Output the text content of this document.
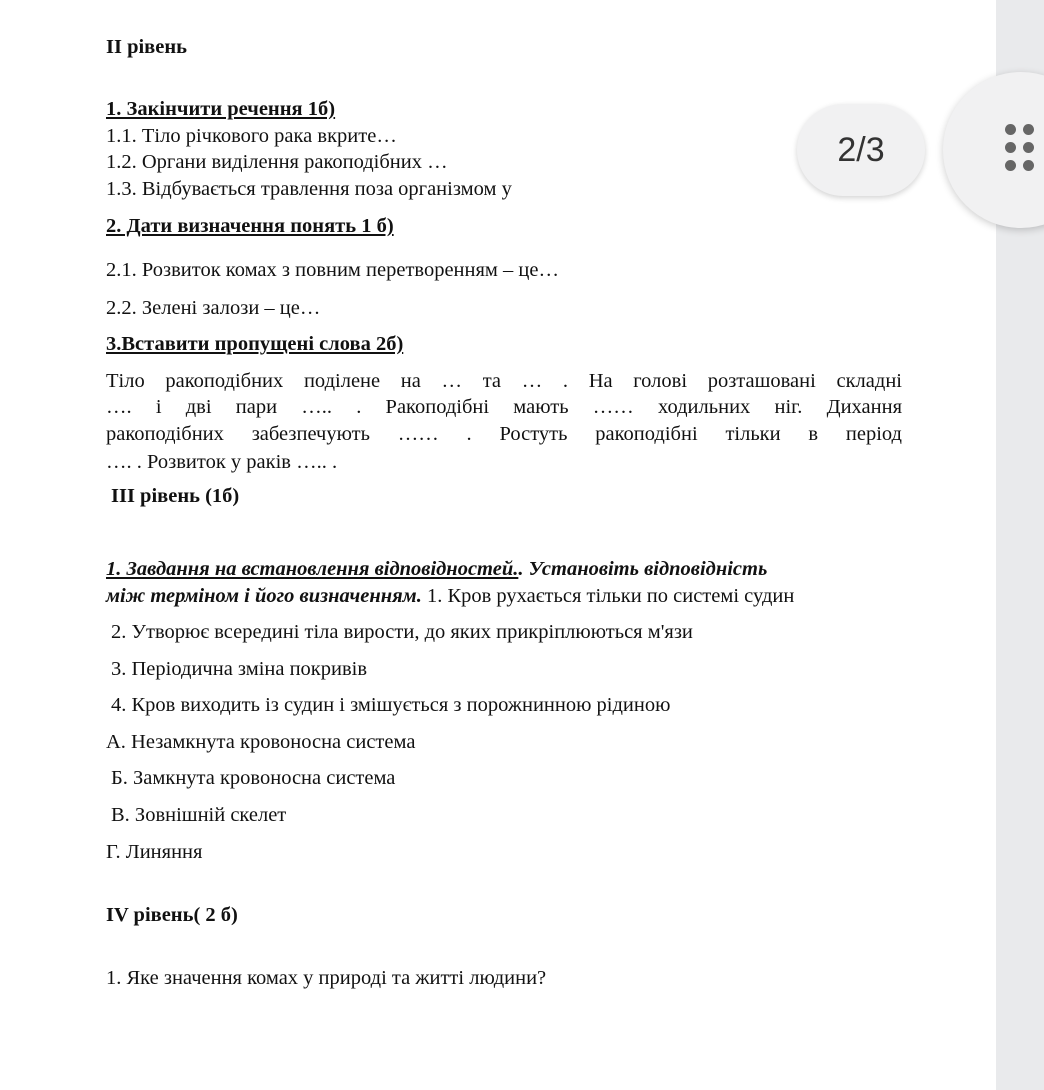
II рівень
1. Закінчити речення 1б)
1.1. Тіло річкового рака вкрите…
1.2. Органи виділення ракоподібних …
1.3. Відбувається травлення поза організмом у
2. Дати визначення понять 1 б)
2.1. Розвиток комах з повним перетворенням – це…
2.2. Зелені залози – це…
3.Вставити пропущені слова 2б)
Тіло ракоподібних поділене на … та … . На голові розташовані складні
…. і дві пари ….. . Ракоподібні мають …… ходильних ніг. Дихання
ракоподібних забезпечують …… . Ростуть ракоподібні тільки в період
…. . Розвиток у раків ….. .
III рівень (1б)
1. Завдання на встановлення відповідностей.. Установіть відповідність
між терміном і його визначенням. 1. Кров рухається тільки по системі судин
2. Утворює всередині тіла вирости, до яких прикріплюються м'язи
3. Періодична зміна покривів
4. Кров виходить із судин і змішується з порожнинною рідиною
А. Незамкнута кровоносна система
Б. Замкнута кровоносна система
В. Зовнішній скелет
Г. Линяння
IV рівень( 2 б)
1. Яке значення комах у природі та житті людини?
2/3
